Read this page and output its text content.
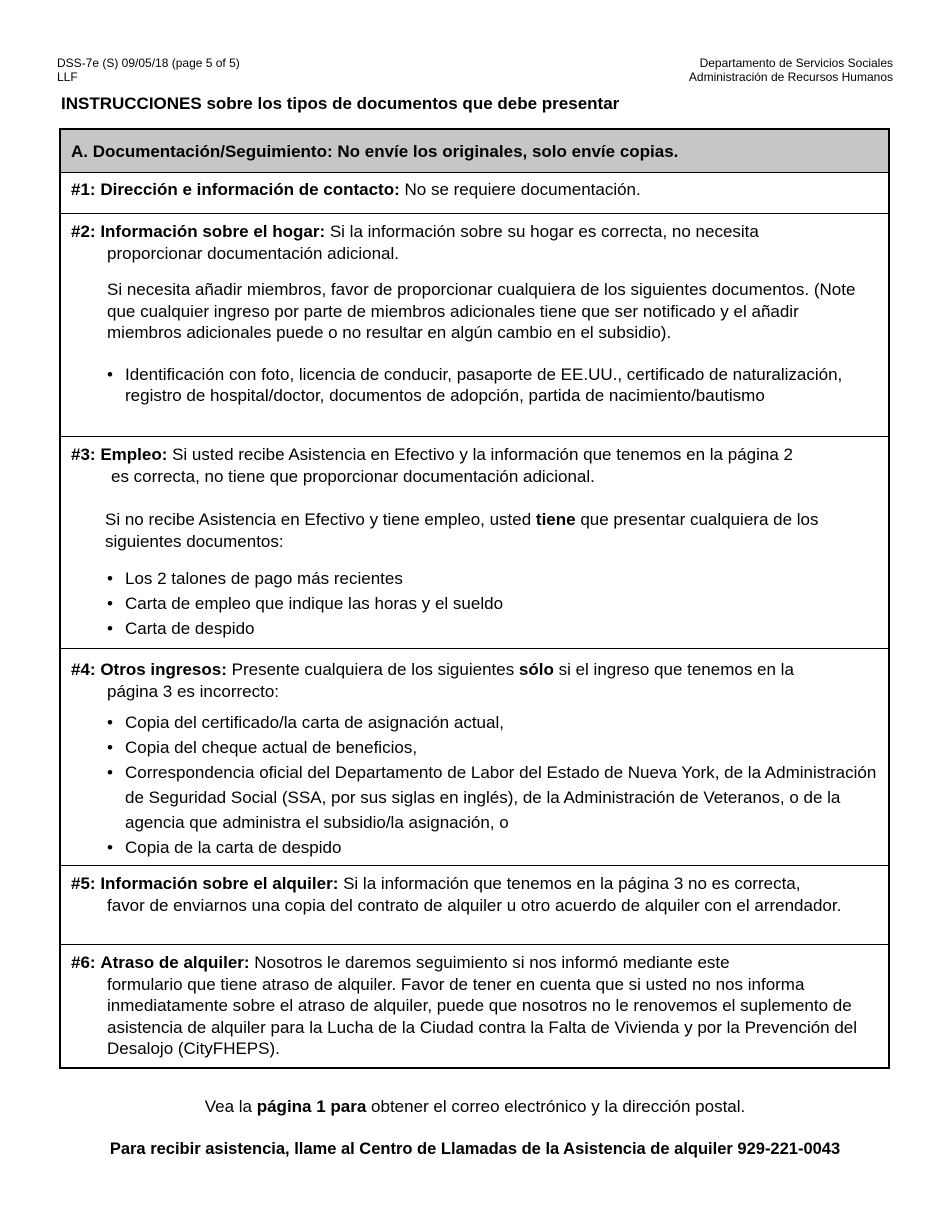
DSS-7e (S) 09/05/18 (page 5 of 5)
LLF
Departamento de Servicios Sociales
Administración de Recursos Humanos
INSTRUCCIONES sobre los tipos de documentos que debe presentar
A. Documentación/Seguimiento: No envíe los originales, solo envíe copias.
#1: Dirección e información de contacto: No se requiere documentación.

#2: Información sobre el hogar: Si la información sobre su hogar es correcta, no necesita

proporcionar documentación adicional.

Si necesita añadir miembros, favor de proporcionar cualquiera de los siguientes documentos. (Note que cualquier ingreso por parte de miembros adicionales tiene que ser notificado y el añadir miembros adicionales puede o no resultar en algún cambio en el subsidio).

• Identificación con foto, licencia de conducir, pasaporte de EE.UU., certificado de naturalización, registro de hospital/doctor, documentos de adopción, partida de nacimiento/bautismo

#3: Empleo: Si usted recibe Asistencia en Efectivo y la información que tenemos en la página 2

es correcta, no tiene que proporcionar documentación adicional.

Si no recibe Asistencia en Efectivo y tiene empleo, usted tiene que presentar cualquiera de los siguientes documentos:

• Los 2 talones de pago más recientes
• Carta de empleo que indique las horas y el sueldo
• Carta de despido

#4: Otros ingresos: Presente cualquiera de los siguientes sólo si el ingreso que tenemos en la

página 3 es incorrecto:

• Copia del certificado/la carta de asignación actual,
• Copia del cheque actual de beneficios,
• Correspondencia oficial del Departamento de Labor del Estado de Nueva York, de la Administración de Seguridad Social (SSA, por sus siglas en inglés), de la Administración de Veteranos, o de la agencia que administra el subsidio/la asignación, o
• Copia de la carta de despido

#5: Información sobre el alquiler: Si la información que tenemos en la página 3 no es correcta,

favor de enviarnos una copia del contrato de alquiler u otro acuerdo de alquiler con el arrendador.

#6: Atraso de alquiler: Nosotros le daremos seguimiento si nos informó mediante este

formulario que tiene atraso de alquiler. Favor de tener en cuenta que si usted no nos informa inmediatamente sobre el atraso de alquiler, puede que nosotros no le renovemos el suplemento de asistencia de alquiler para la Lucha de la Ciudad contra la Falta de Vivienda y por la Prevención del Desalojo (CityFHEPS).

Vea la página 1 para obtener el correo electrónico y la dirección postal.
Para recibir asistencia, llame al Centro de Llamadas de la Asistencia de alquiler 929-221-0043
